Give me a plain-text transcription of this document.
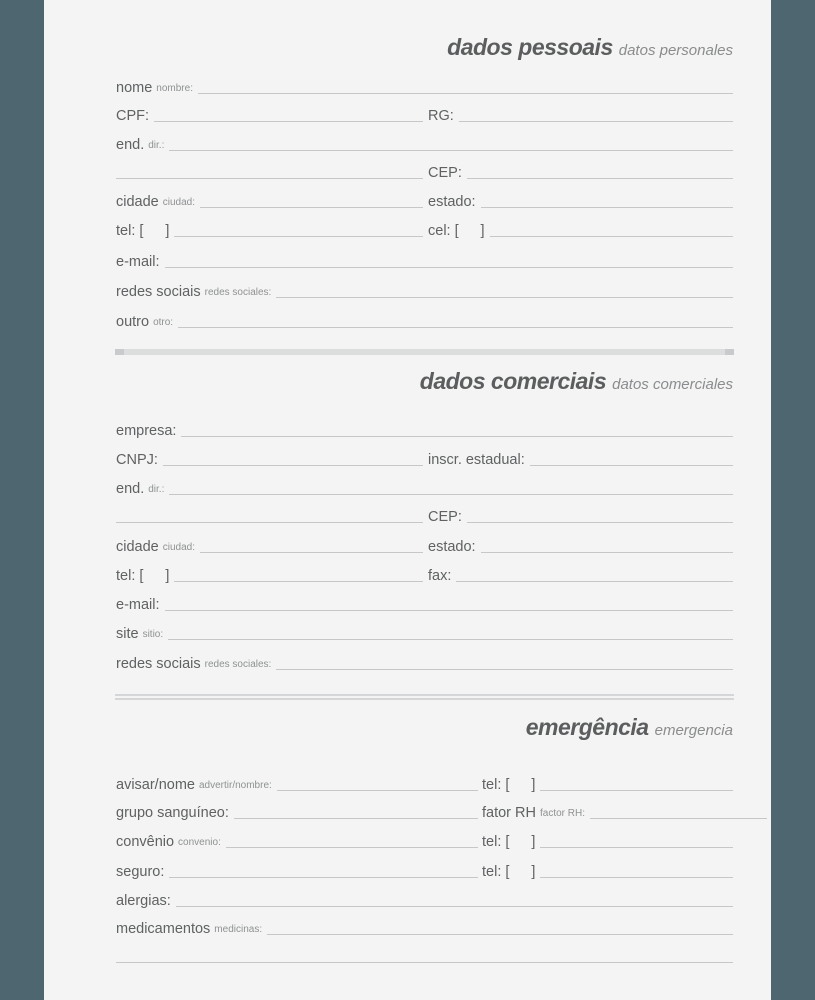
dados pessoais datos personales
nome nombre:
CPF:	RG:
end. dir.:
CEP:
cidade ciudad:	estado:
tel: [ ]	cel: [ ]
e-mail:
redes sociais redes sociales:
outro otro:
dados comerciais datos comerciales
empresa:
CNPJ:	inscr. estadual:
end. dir.:
CEP:
cidade ciudad:	estado:
tel: [ ]	fax:
e-mail:
site sitio:
redes sociais redes sociales:
emergência emergencia
avisar/nome advertir/nombre:	tel: [ ]
grupo sanguíneo:	fator RH factor RH:
convênio convenio:	tel: [ ]
seguro:	tel: [ ]
alergias:
medicamentos medicinas:
